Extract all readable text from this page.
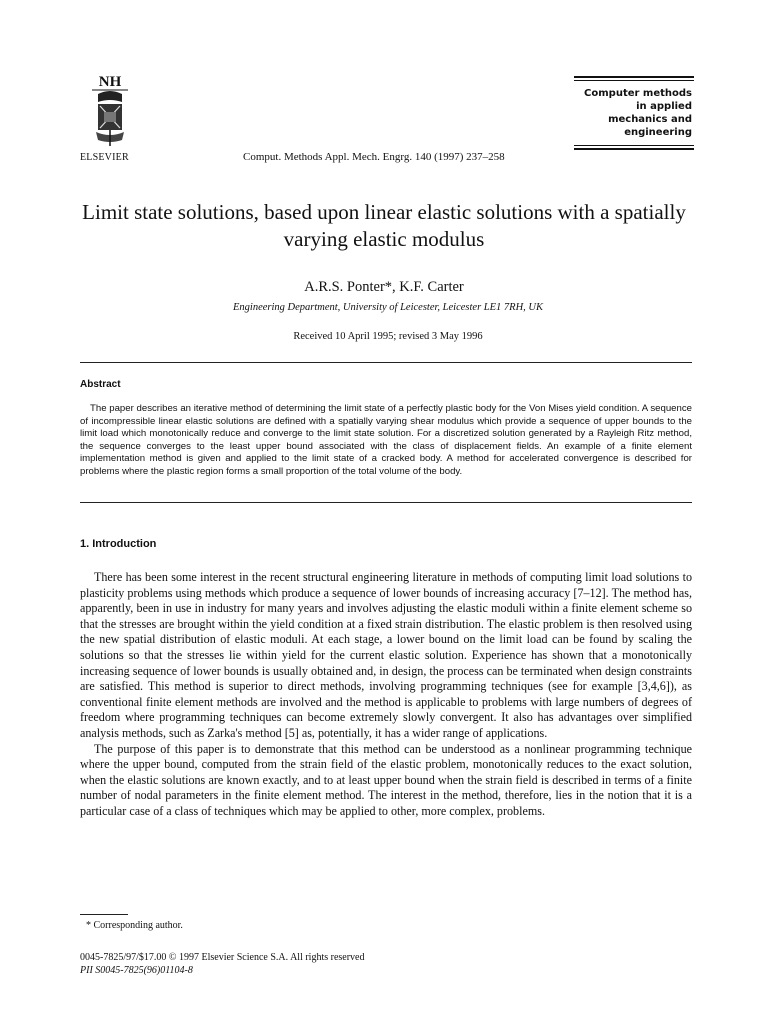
NH
ELSEVIER	Comput. Methods Appl. Mech. Engrg. 140 (1997) 237–258
Computer methods
in applied
mechanics and
engineering
Limit state solutions, based upon linear elastic solutions with a spatially varying elastic modulus
A.R.S. Ponter*, K.F. Carter
Engineering Department, University of Leicester, Leicester LE1 7RH, UK
Received 10 April 1995; revised 3 May 1996
Abstract
The paper describes an iterative method of determining the limit state of a perfectly plastic body for the Von Mises yield condition. A sequence of incompressible linear elastic solutions are defined with a spatially varying shear modulus which provide a sequence of upper bounds to the limit load which monotonically reduce and converge to the limit state solution. For a discretized solution generated by a Rayleigh Ritz method, the sequence converges to the least upper bound associated with the class of displacement fields. An example of a finite element implementation method is given and applied to the limit state of a cracked body. A method for accelerated convergence is described for problems where the plastic region forms a small proportion of the total volume of the body.
1. Introduction

There has been some interest in the recent structural engineering literature in methods of computing limit load solutions to plasticity problems using methods which produce a sequence of lower bounds of increasing accuracy [7–12]. The method has, apparently, been in use in industry for many years and involves adjusting the elastic moduli within a finite element scheme so that the stresses are brought within the yield condition at a fixed strain distribution. The elastic problem is then resolved using the new spatial distribution of elastic moduli. At each stage, a lower bound on the limit load can be found by scaling the solutions so that the stresses lie within yield for the current elastic solution. Experience has shown that a monotonically increasing sequence of lower bounds is usually obtained and, in design, the process can be terminated when design constraints are satisfied. This method is superior to direct methods, involving programming techniques (see for example [3,4,6]), as conventional finite element methods are involved and the method is applicable to problems with large numbers of degrees of freedom where programming techniques can become extremely slowly convergent. It also has advantages over simplified analysis methods, such as Zarka's method [5] as, potentially, it has a wider range of applications.

The purpose of this paper is to demonstrate that this method can be understood as a nonlinear programming technique where the upper bound, computed from the strain field of the elastic problem, monotonically reduces to the exact solution, when the elastic solutions are known exactly, and to at least upper bound when the strain field is described in terms of a finite number of nodal parameters in the finite element method. The interest in the method, therefore, lies in the notion that it is a particular case of a class of techniques which may be applied to other, more complex, problems.

* Corresponding author.
0045-7825/97/$17.00 © 1997 Elsevier Science S.A. All rights reserved
PII S0045-7825(96)01104-8
